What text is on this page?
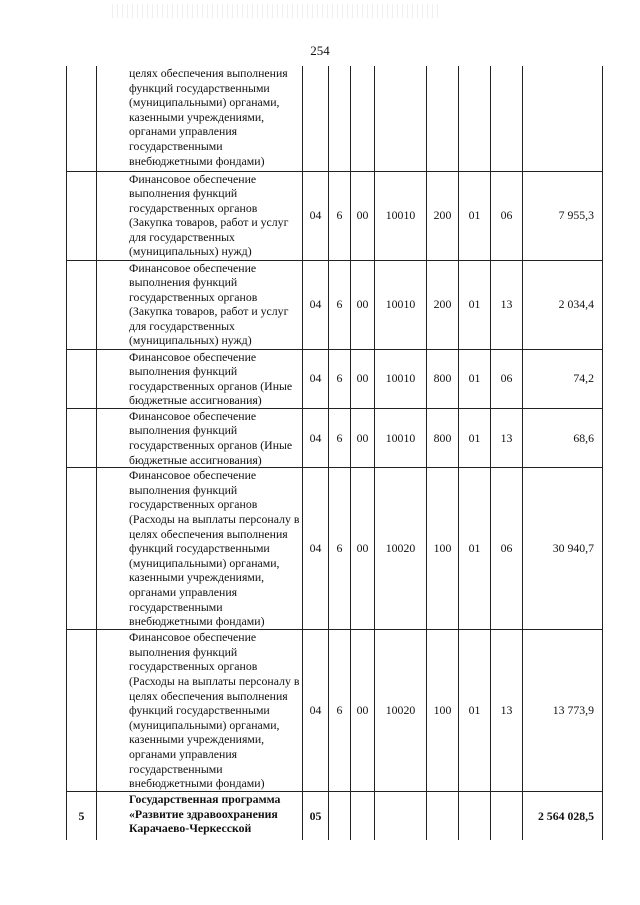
254
	целях обеспечения выполнения функций государственными (муниципальными) органами, казенными учреждениями, органами управления государственными внебюджетными фондами)								
	Финансовое обеспечение выполнения функций государственных органов (Закупка товаров, работ и услуг для государственных (муниципальных) нужд)	04	6	00	10010	200	01	06	7 955,3
	Финансовое обеспечение выполнения функций государственных органов (Закупка товаров, работ и услуг для государственных (муниципальных) нужд)	04	6	00	10010	200	01	13	2 034,4
	Финансовое обеспечение выполнения функций государственных органов (Иные бюджетные ассигнования)	04	6	00	10010	800	01	06	74,2
	Финансовое обеспечение выполнения функций государственных органов (Иные бюджетные ассигнования)	04	6	00	10010	800	01	13	68,6
	Финансовое обеспечение выполнения функций государственных органов (Расходы на выплаты персоналу в целях обеспечения выполнения функций государственными (муниципальными) органами, казенными учреждениями, органами управления государственными внебюджетными фондами)	04	6	00	10020	100	01	06	30 940,7
	Финансовое обеспечение выполнения функций государственных органов (Расходы на выплаты персоналу в целях обеспечения выполнения функций государственными (муниципальными) органами, казенными учреждениями, органами управления государственными внебюджетными фондами)	04	6	00	10020	100	01	13	13 773,9
5	Государственная программа «Развитие здравоохранения Карачаево-Черкесской	05							2 564 028,5
